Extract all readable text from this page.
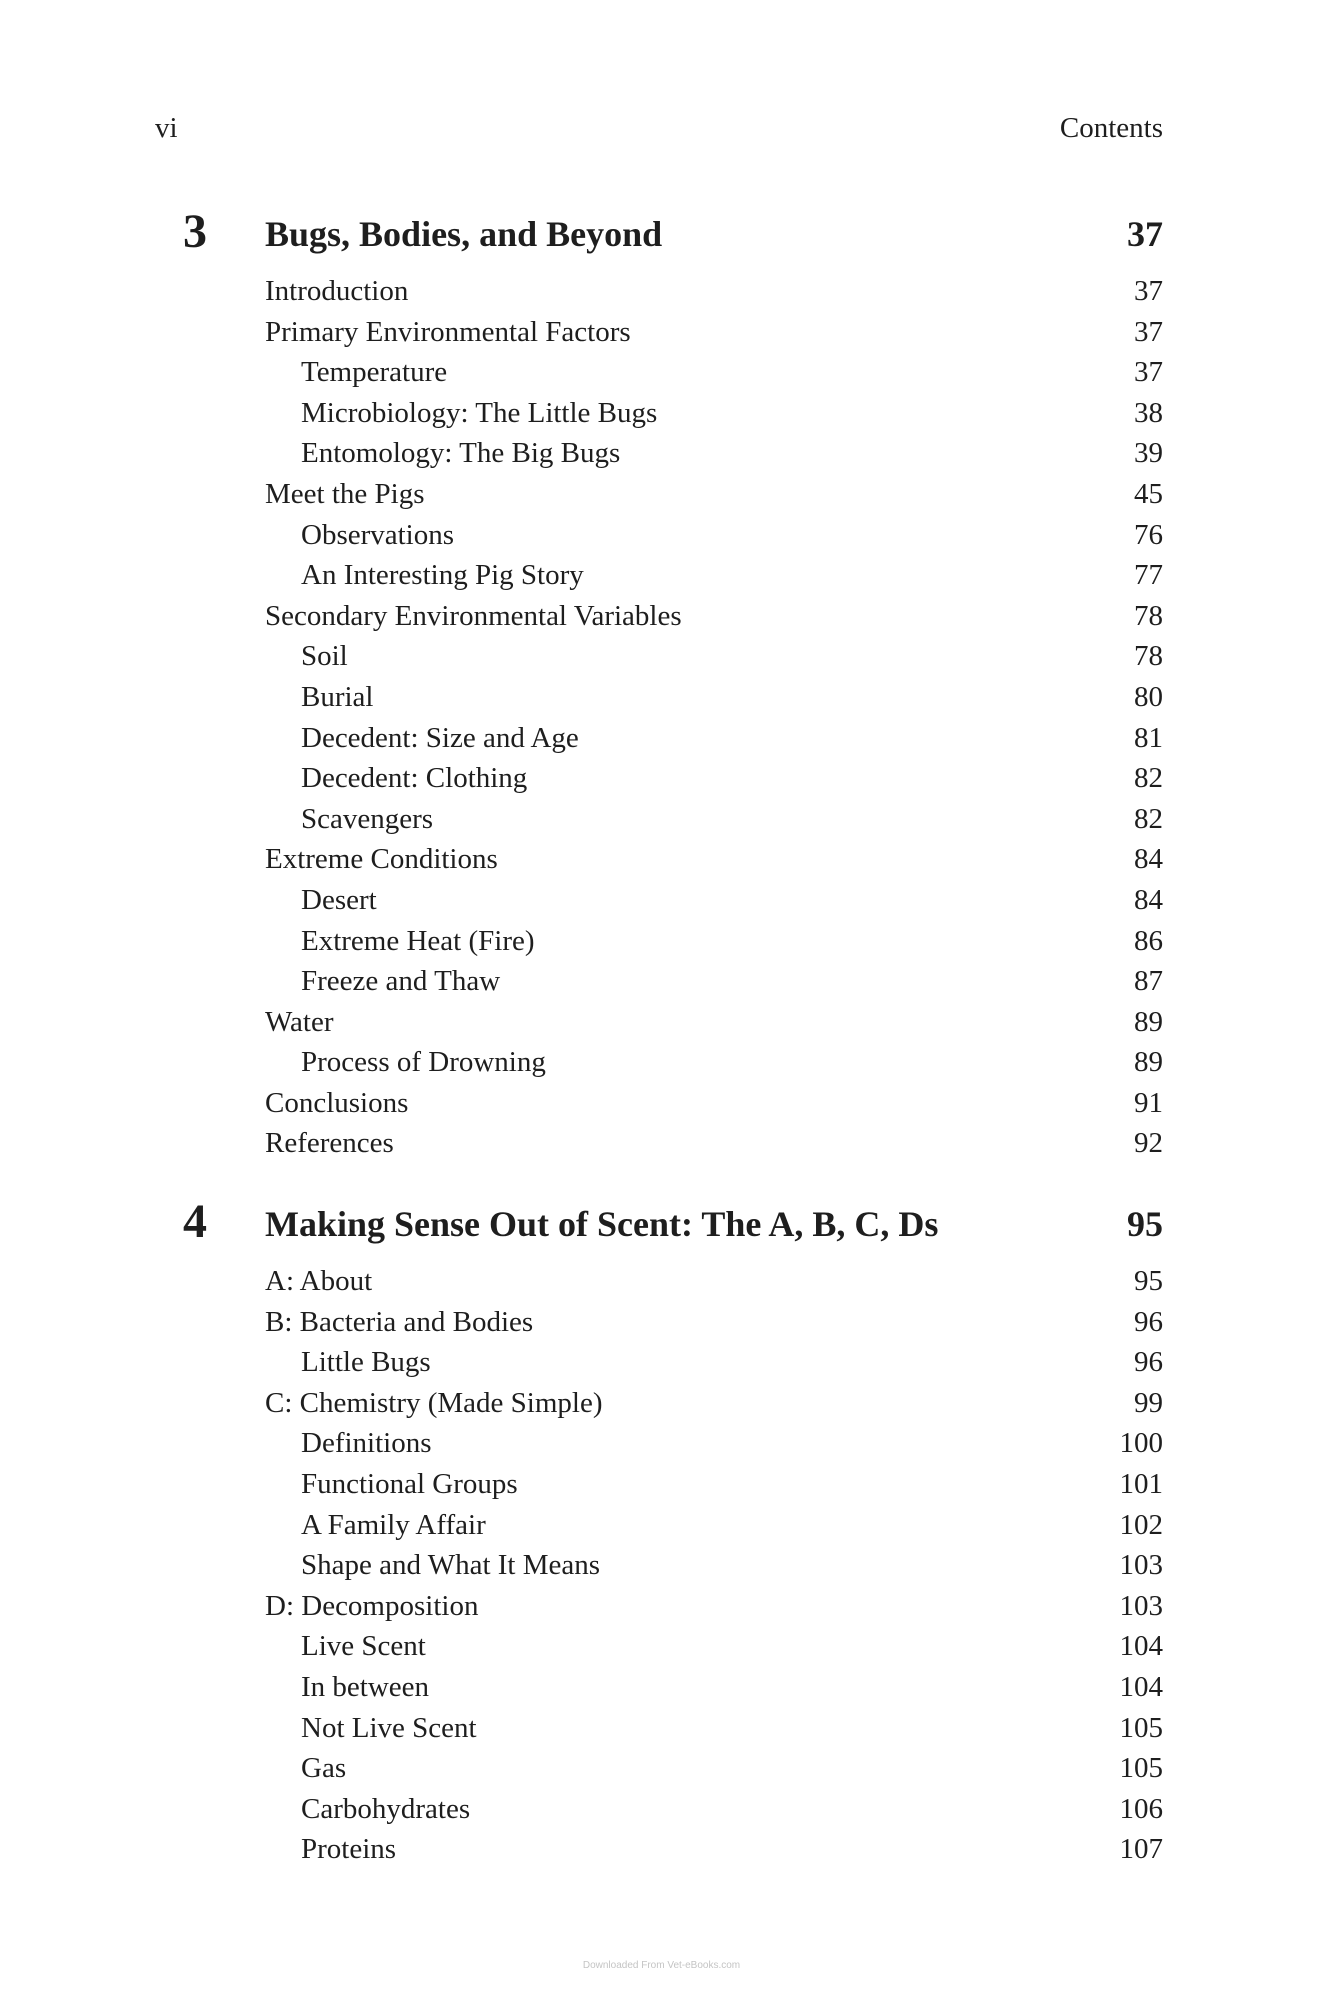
vi	Contents
3 Bugs, Bodies, and Beyond	37
Introduction	37
Primary Environmental Factors	37
Temperature	37
Microbiology: The Little Bugs	38
Entomology: The Big Bugs	39
Meet the Pigs	45
Observations	76
An Interesting Pig Story	77
Secondary Environmental Variables	78
Soil	78
Burial	80
Decedent: Size and Age	81
Decedent: Clothing	82
Scavengers	82
Extreme Conditions	84
Desert	84
Extreme Heat (Fire)	86
Freeze and Thaw	87
Water	89
Process of Drowning	89
Conclusions	91
References	92
4 Making Sense Out of Scent: The A, B, C, Ds	95
A: About	95
B: Bacteria and Bodies	96
Little Bugs	96
C: Chemistry (Made Simple)	99
Definitions	100
Functional Groups	101
A Family Affair	102
Shape and What It Means	103
D: Decomposition	103
Live Scent	104
In between	104
Not Live Scent	105
Gas	105
Carbohydrates	106
Proteins	107
Downloaded From Vet-eBooks.com
